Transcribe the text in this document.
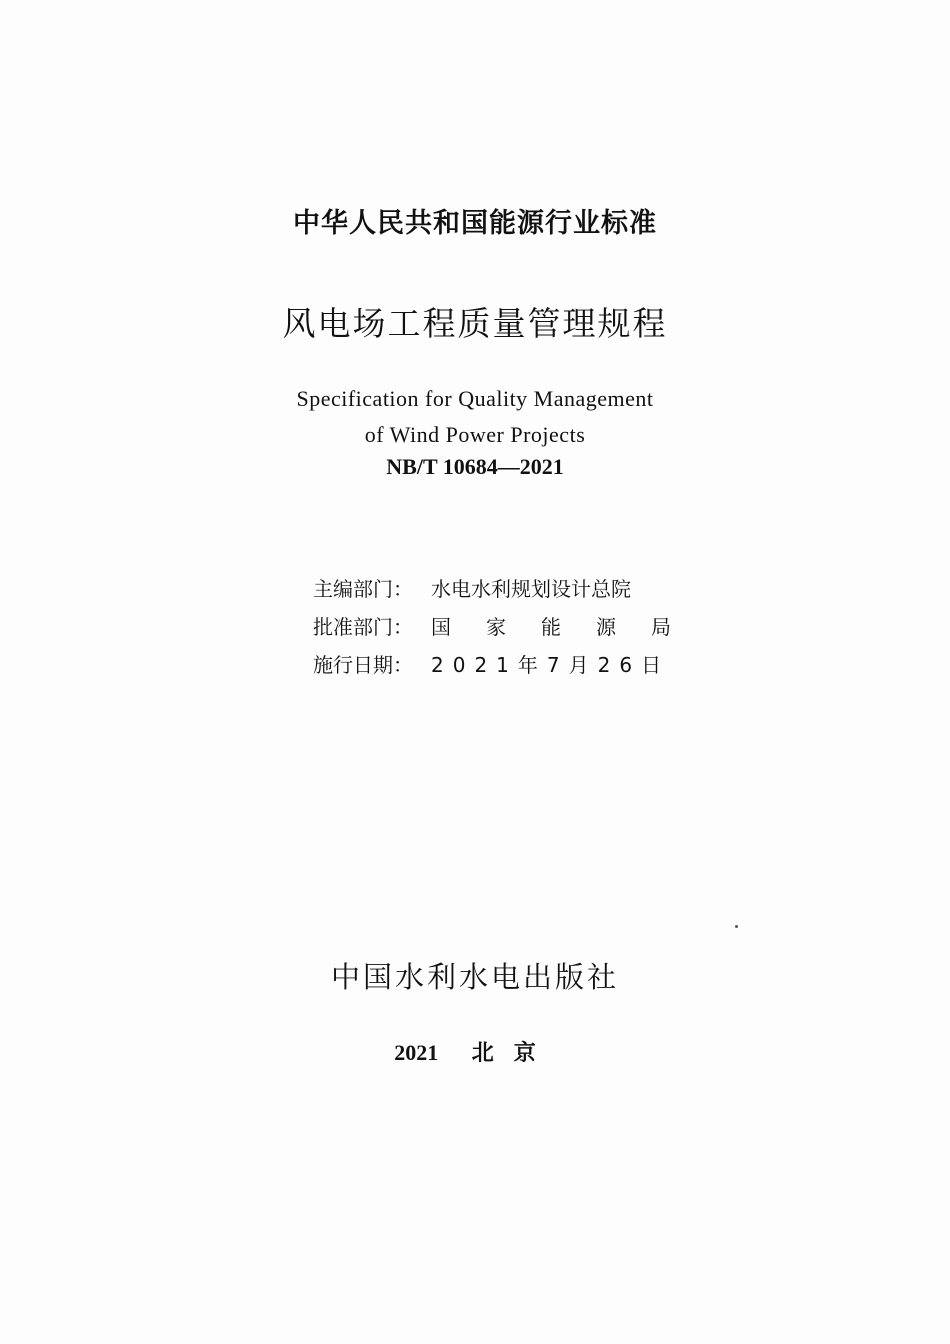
中华人民共和国能源行业标准
风电场工程质量管理规程
Specification for Quality Management
of Wind Power Projects
NB/T 10684—2021
主编部门： 水电水利规划设计总院
批准部门： 国 家 能 源 局
施行日期： 2021年7月26日
中国水利水电出版社
2021 北京
